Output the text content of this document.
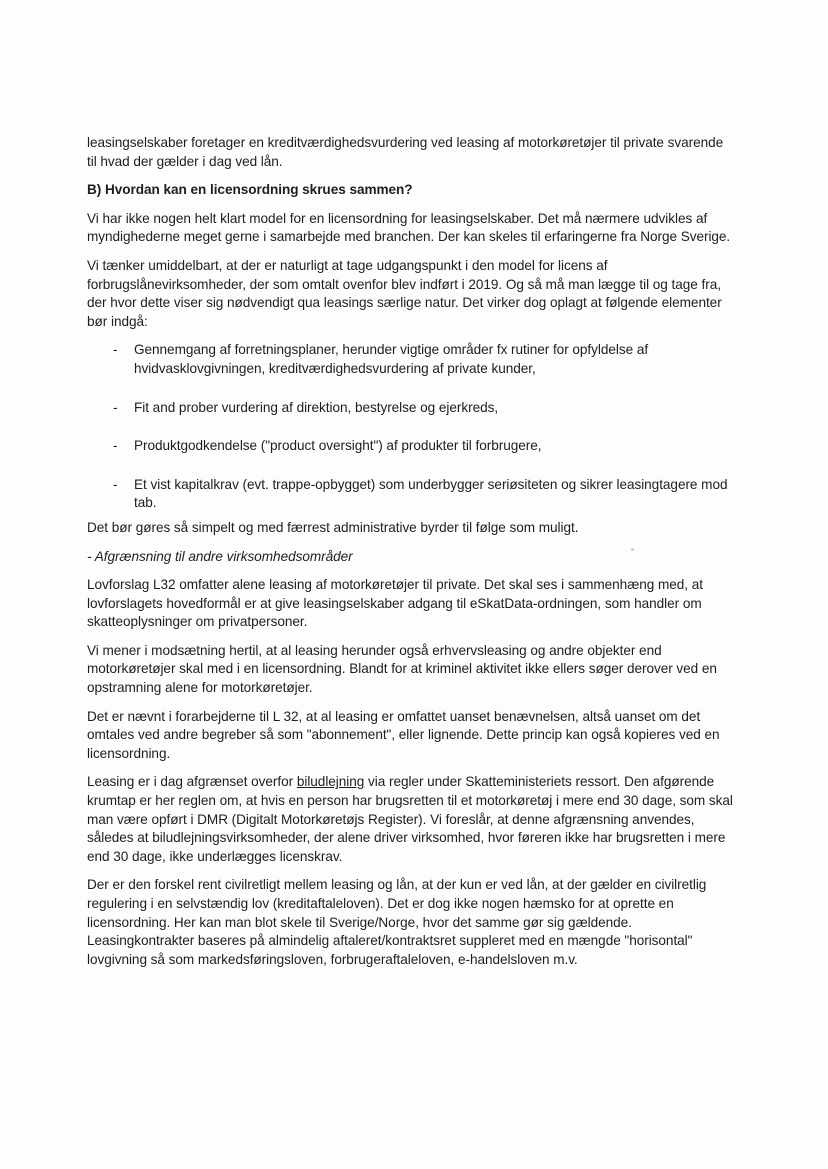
leasingselskaber foretager en kreditværdighedsvurdering ved leasing af motorkøretøjer til private svarende til hvad der gælder i dag ved lån.

B) Hvordan kan en licensordning skrues sammen?

Vi har ikke nogen helt klart model for en licensordning for leasingselskaber. Det må nærmere udvikles af myndighederne meget gerne i samarbejde med branchen. Der kan skeles til erfaringerne fra Norge Sverige.

Vi tænker umiddelbart, at der er naturligt at tage udgangspunkt i den model for licens af forbrugslånevirksomheder, der som omtalt ovenfor blev indført i 2019. Og så må man lægge til og tage fra, der hvor dette viser sig nødvendigt qua leasings særlige natur. Det virker dog oplagt at følgende elementer bør indgå:

- Gennemgang af forretningsplaner, herunder vigtige områder fx rutiner for opfyldelse af hvidvasklovgivningen, kreditværdighedsvurdering af private kunder,
- Fit and prober vurdering af direktion, bestyrelse og ejerkreds,
- Produktgodkendelse ("product oversight") af produkter til forbrugere,
- Et vist kapitalkrav (evt. trappe-opbygget) som underbygger seriøsiteten og sikrer leasingtagere mod tab.

Det bør gøres så simpelt og med færrest administrative byrder til følge som muligt.

- Afgrænsning til andre virksomhedsområder

Lovforslag L32 omfatter alene leasing af motorkøretøjer til private. Det skal ses i sammenhæng med, at lovforslagets hovedformål er at give leasingselskaber adgang til eSkatData-ordningen, som handler om skatteoplysninger om privatpersoner.

Vi mener i modsætning hertil, at al leasing herunder også erhvervsleasing og andre objekter end motorkøretøjer skal med i en licensordning. Blandt for at kriminel aktivitet ikke ellers søger derover ved en opstramning alene for motorkøretøjer.

Det er nævnt i forarbejderne til L 32, at al leasing er omfattet uanset benævnelsen, altså uanset om det omtales ved andre begreber så som "abonnement", eller lignende. Dette princip kan også kopieres ved en licensordning.

Leasing er i dag afgrænset overfor biludlejning via regler under Skatteministeriets ressort. Den afgørende krumtap er her reglen om, at hvis en person har brugsretten til et motorkøretøj i mere end 30 dage, som skal man være opført i DMR (Digitalt Motorkøretøjs Register). Vi foreslår, at denne afgrænsning anvendes, således at biludlejningsvirksomheder, der alene driver virksomhed, hvor føreren ikke har brugsretten i mere end 30 dage, ikke underlægges licenskrav.

Der er den forskel rent civilretligt mellem leasing og lån, at der kun er ved lån, at der gælder en civilretlig regulering i en selvstændig lov (kreditaftaleloven). Det er dog ikke nogen hæmsko for at oprette en licensordning. Her kan man blot skele til Sverige/Norge, hvor det samme gør sig gældende. Leasingkontrakter baseres på almindelig aftaleret/kontraktsret suppleret med en mængde "horisontal" lovgivning så som markedsføringsloven, forbrugeraftaleloven, e-handelsloven m.v.
